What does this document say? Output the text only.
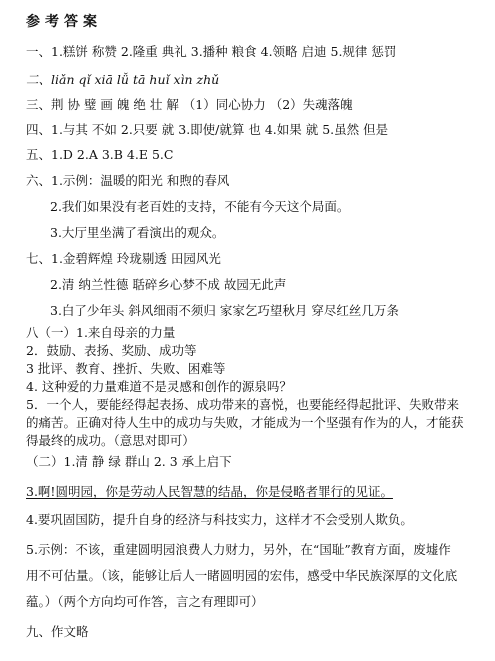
参考答案
一、1.糕饼 称赞 2.隆重 典礼 3.播种 粮食 4.领略 启迪 5.规律 惩罚
二、liǎn qǐ xiā lǚ tā huǐ xìn zhǔ
三、荆 协 璧 画 魄 绝 壮 解 （1）同心协力 （2）失魂落魄
四、1.与其 不如 2.只要 就 3.即使/就算 也 4.如果 就 5.虽然 但是
五、1.D 2.A 3.B 4.E 5.C
六、1.示例：温暖的阳光 和煦的春风
2.我们如果没有老百姓的支持，不能有今天这个局面。
3.大厅里坐满了看演出的观众。
七、1.金碧辉煌 玲珑剔透 田园风光
2.清 纳兰性德 聒碎乡心梦不成 故园无此声
3.白了少年头 斜风细雨不须归 家家乞巧望秋月 穿尽红丝几万条
八（一）1.来自母亲的力量
2．鼓励、表扬、奖励、成功等
3 批评、教育、挫折、失败、困难等
4. 这种爱的力量难道不是灵感和创作的源泉吗？
5．一个人，要能经得起表扬、成功带来的喜悦，也要能经得起批评、失败带来
的痛苦。正确对待人生中的成功与失败，才能成为一个坚强有作为的人，才能获
得最终的成功。（意思对即可）
（二）1.清 静 绿 群山 2. 3 承上启下
3.啊!圆明园，你是劳动人民智慧的结晶，你是侵略者罪行的见证。
4.要巩固国防，提升自身的经济与科技实力，这样才不会受别人欺负。
5.示例：不该，重建圆明园浪费人力财力，另外，在“国耻”教育方面，废墟作
用不可估量。（该，能够让后人一睹圆明园的宏伟，感受中华民族深厚的文化底
蕴。）（两个方向均可作答，言之有理即可）
九、作文略
